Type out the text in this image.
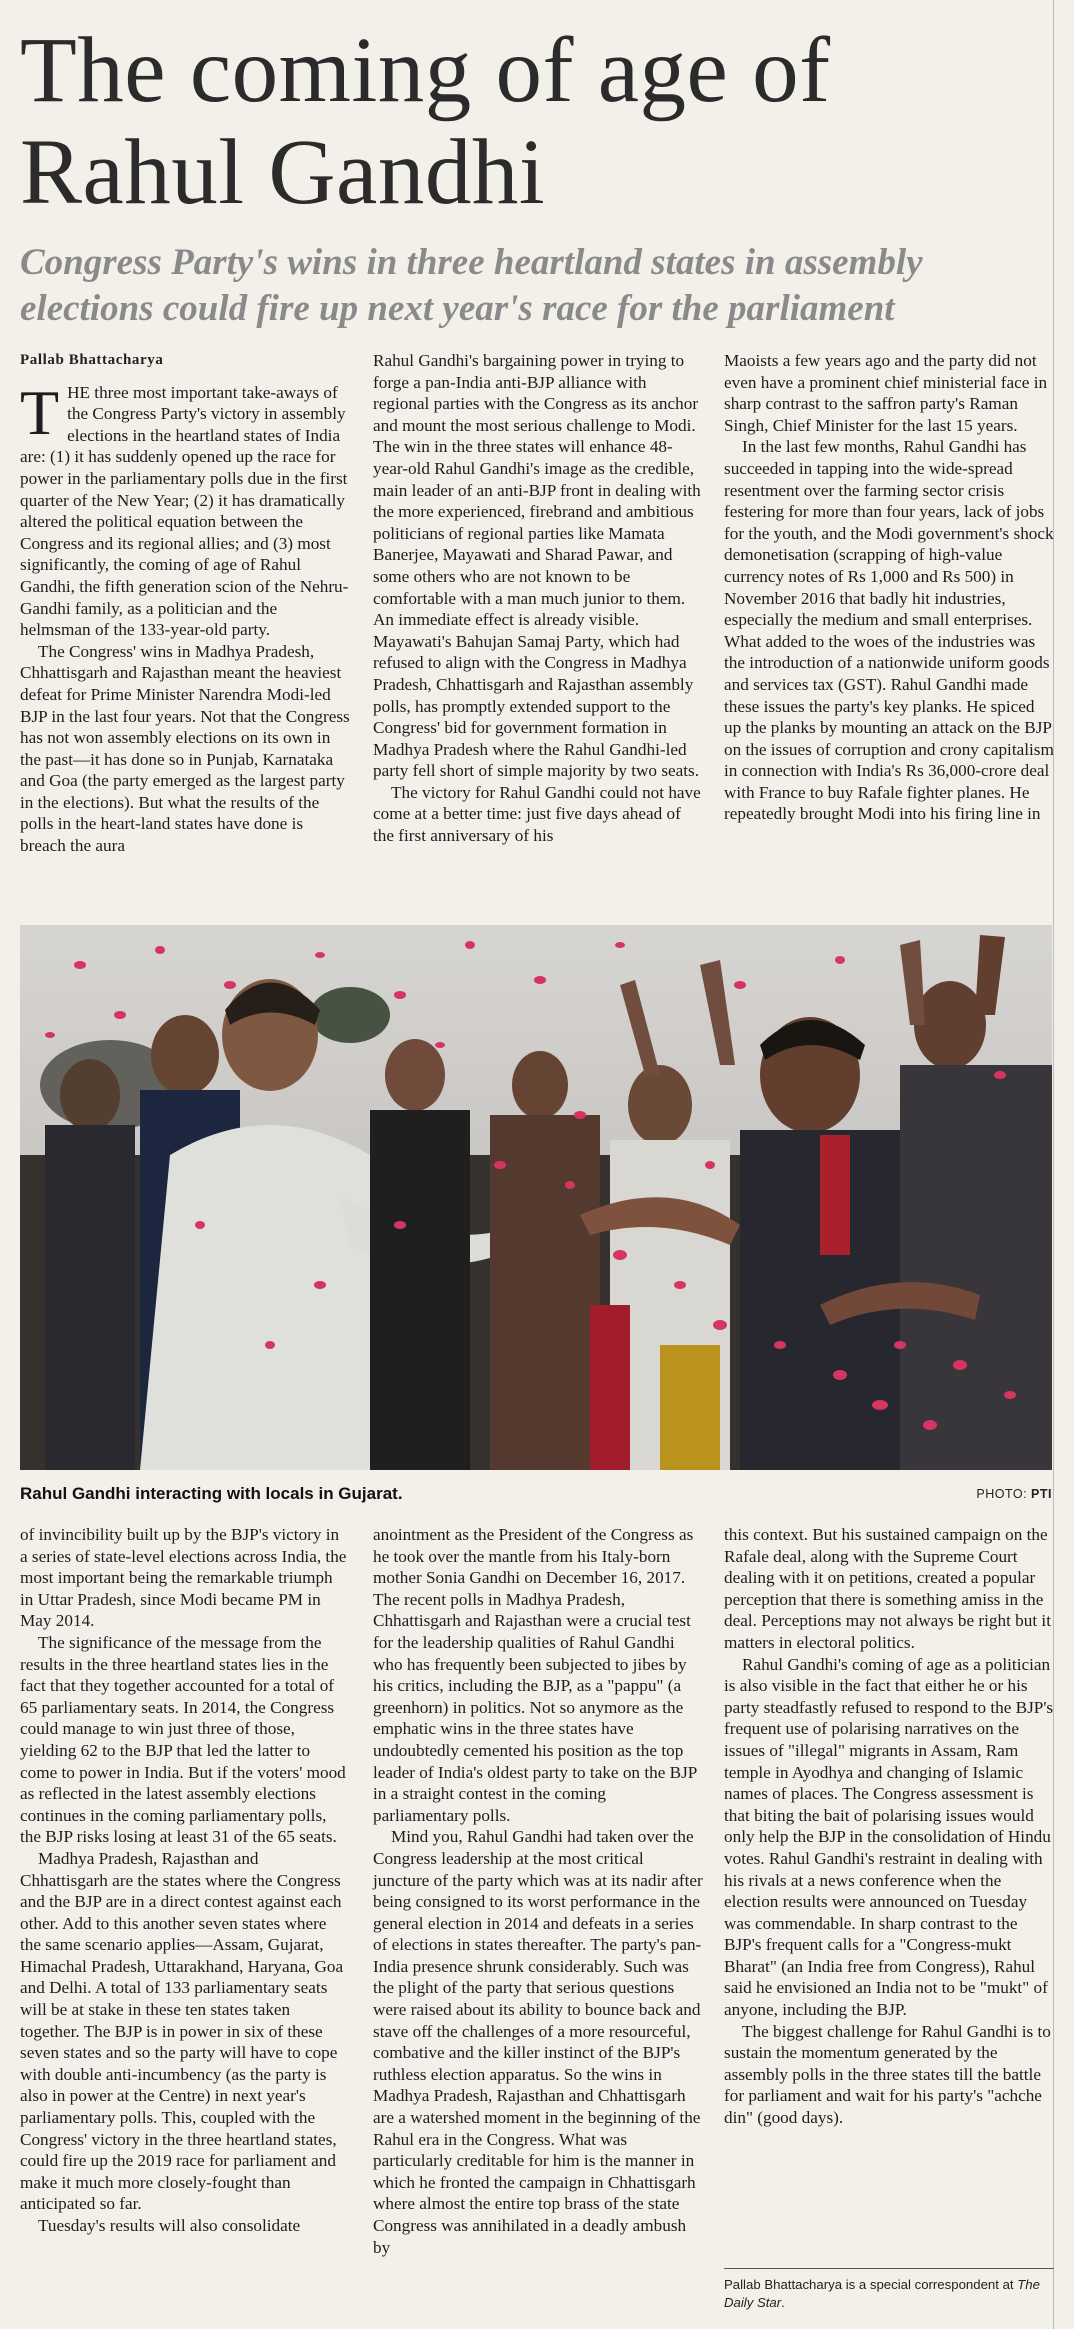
The coming of age of
Rahul Gandhi
Congress Party's wins in three heartland states in assembly elections could fire up next year's race for the parliament
Pallab Bhattacharya

THE three most important take-aways of the Congress Party's victory in assembly elections in the heartland states of India are: (1) it has suddenly opened up the race for power in the parliamentary polls due in the first quarter of the New Year; (2) it has dramatically altered the political equation between the Congress and its regional allies; and (3) most significantly, the coming of age of Rahul Gandhi, the fifth generation scion of the Nehru-Gandhi family, as a politician and the helmsman of the 133-year-old party.

The Congress' wins in Madhya Pradesh, Chhattisgarh and Rajasthan meant the heaviest defeat for Prime Minister Narendra Modi-led BJP in the last four years. Not that the Congress has not won assembly elections on its own in the past—it has done so in Punjab, Karnataka and Goa (the party emerged as the largest party in the elections). But what the results of the polls in the heart-land states have done is breach the aura

Rahul Gandhi's bargaining power in trying to forge a pan-India anti-BJP alliance with regional parties with the Congress as its anchor and mount the most serious challenge to Modi. The win in the three states will enhance 48-year-old Rahul Gandhi's image as the credible, main leader of an anti-BJP front in dealing with the more experienced, firebrand and ambitious politicians of regional parties like Mamata Banerjee, Mayawati and Sharad Pawar, and some others who are not known to be comfortable with a man much junior to them. An immediate effect is already visible. Mayawati's Bahujan Samaj Party, which had refused to align with the Congress in Madhya Pradesh, Chhattisgarh and Rajasthan assembly polls, has promptly extended support to the Congress' bid for government formation in Madhya Pradesh where the Rahul Gandhi-led party fell short of simple majority by two seats.

The victory for Rahul Gandhi could not have come at a better time: just five days ahead of the first anniversary of his

Maoists a few years ago and the party did not even have a prominent chief ministerial face in sharp contrast to the saffron party's Raman Singh, Chief Minister for the last 15 years.

In the last few months, Rahul Gandhi has succeeded in tapping into the wide-spread resentment over the farming sector crisis festering for more than four years, lack of jobs for the youth, and the Modi government's shock demonetisation (scrapping of high-value currency notes of Rs 1,000 and Rs 500) in November 2016 that badly hit industries, especially the medium and small enterprises. What added to the woes of the industries was the introduction of a nationwide uniform goods and services tax (GST). Rahul Gandhi made these issues the party's key planks. He spiced up the planks by mounting an attack on the BJP on the issues of corruption and crony capitalism in connection with India's Rs 36,000-crore deal with France to buy Rafale fighter planes. He repeatedly brought Modi into his firing line in

Rahul Gandhi interacting with locals in Gujarat.	PHOTO: PTI

of invincibility built up by the BJP's victory in a series of state-level elections across India, the most important being the remarkable triumph in Uttar Pradesh, since Modi became PM in May 2014.

The significance of the message from the results in the three heartland states lies in the fact that they together accounted for a total of 65 parliamentary seats. In 2014, the Congress could manage to win just three of those, yielding 62 to the BJP that led the latter to come to power in India. But if the voters' mood as reflected in the latest assembly elections continues in the coming parliamentary polls, the BJP risks losing at least 31 of the 65 seats.

Madhya Pradesh, Rajasthan and Chhattisgarh are the states where the Congress and the BJP are in a direct contest against each other. Add to this another seven states where the same scenario applies—Assam, Gujarat, Himachal Pradesh, Uttarakhand, Haryana, Goa and Delhi. A total of 133 parliamentary seats will be at stake in these ten states taken together. The BJP is in power in six of these seven states and so the party will have to cope with double anti-incumbency (as the party is also in power at the Centre) in next year's parliamentary polls. This, coupled with the Congress' victory in the three heartland states, could fire up the 2019 race for parliament and make it much more closely-fought than anticipated so far.

Tuesday's results will also consolidate

anointment as the President of the Congress as he took over the mantle from his Italy-born mother Sonia Gandhi on December 16, 2017. The recent polls in Madhya Pradesh, Chhattisgarh and Rajasthan were a crucial test for the leadership qualities of Rahul Gandhi who has frequently been subjected to jibes by his critics, including the BJP, as a "pappu" (a greenhorn) in politics. Not so anymore as the emphatic wins in the three states have undoubtedly cemented his position as the top leader of India's oldest party to take on the BJP in a straight contest in the coming parliamentary polls.

Mind you, Rahul Gandhi had taken over the Congress leadership at the most critical juncture of the party which was at its nadir after being consigned to its worst performance in the general election in 2014 and defeats in a series of elections in states thereafter. The party's pan-India presence shrunk considerably. Such was the plight of the party that serious questions were raised about its ability to bounce back and stave off the challenges of a more resourceful, combative and the killer instinct of the BJP's ruthless election apparatus. So the wins in Madhya Pradesh, Rajasthan and Chhattisgarh are a watershed moment in the beginning of the Rahul era in the Congress. What was particularly creditable for him is the manner in which he fronted the campaign in Chhattisgarh where almost the entire top brass of the state Congress was annihilated in a deadly ambush by

this context. But his sustained campaign on the Rafale deal, along with the Supreme Court dealing with it on petitions, created a popular perception that there is something amiss in the deal. Perceptions may not always be right but it matters in electoral politics.

Rahul Gandhi's coming of age as a politician is also visible in the fact that either he or his party steadfastly refused to respond to the BJP's frequent use of polarising narratives on the issues of "illegal" migrants in Assam, Ram temple in Ayodhya and changing of Islamic names of places. The Congress assessment is that biting the bait of polarising issues would only help the BJP in the consolidation of Hindu votes. Rahul Gandhi's restraint in dealing with his rivals at a news conference when the election results were announced on Tuesday was commendable. In sharp contrast to the BJP's frequent calls for a "Congress-mukt Bharat" (an India free from Congress), Rahul said he envisioned an India not to be "mukt" of anyone, including the BJP.

The biggest challenge for Rahul Gandhi is to sustain the momentum generated by the assembly polls in the three states till the battle for parliament and wait for his party's "achche din" (good days).

Pallab Bhattacharya is a special correspondent at The Daily Star.
